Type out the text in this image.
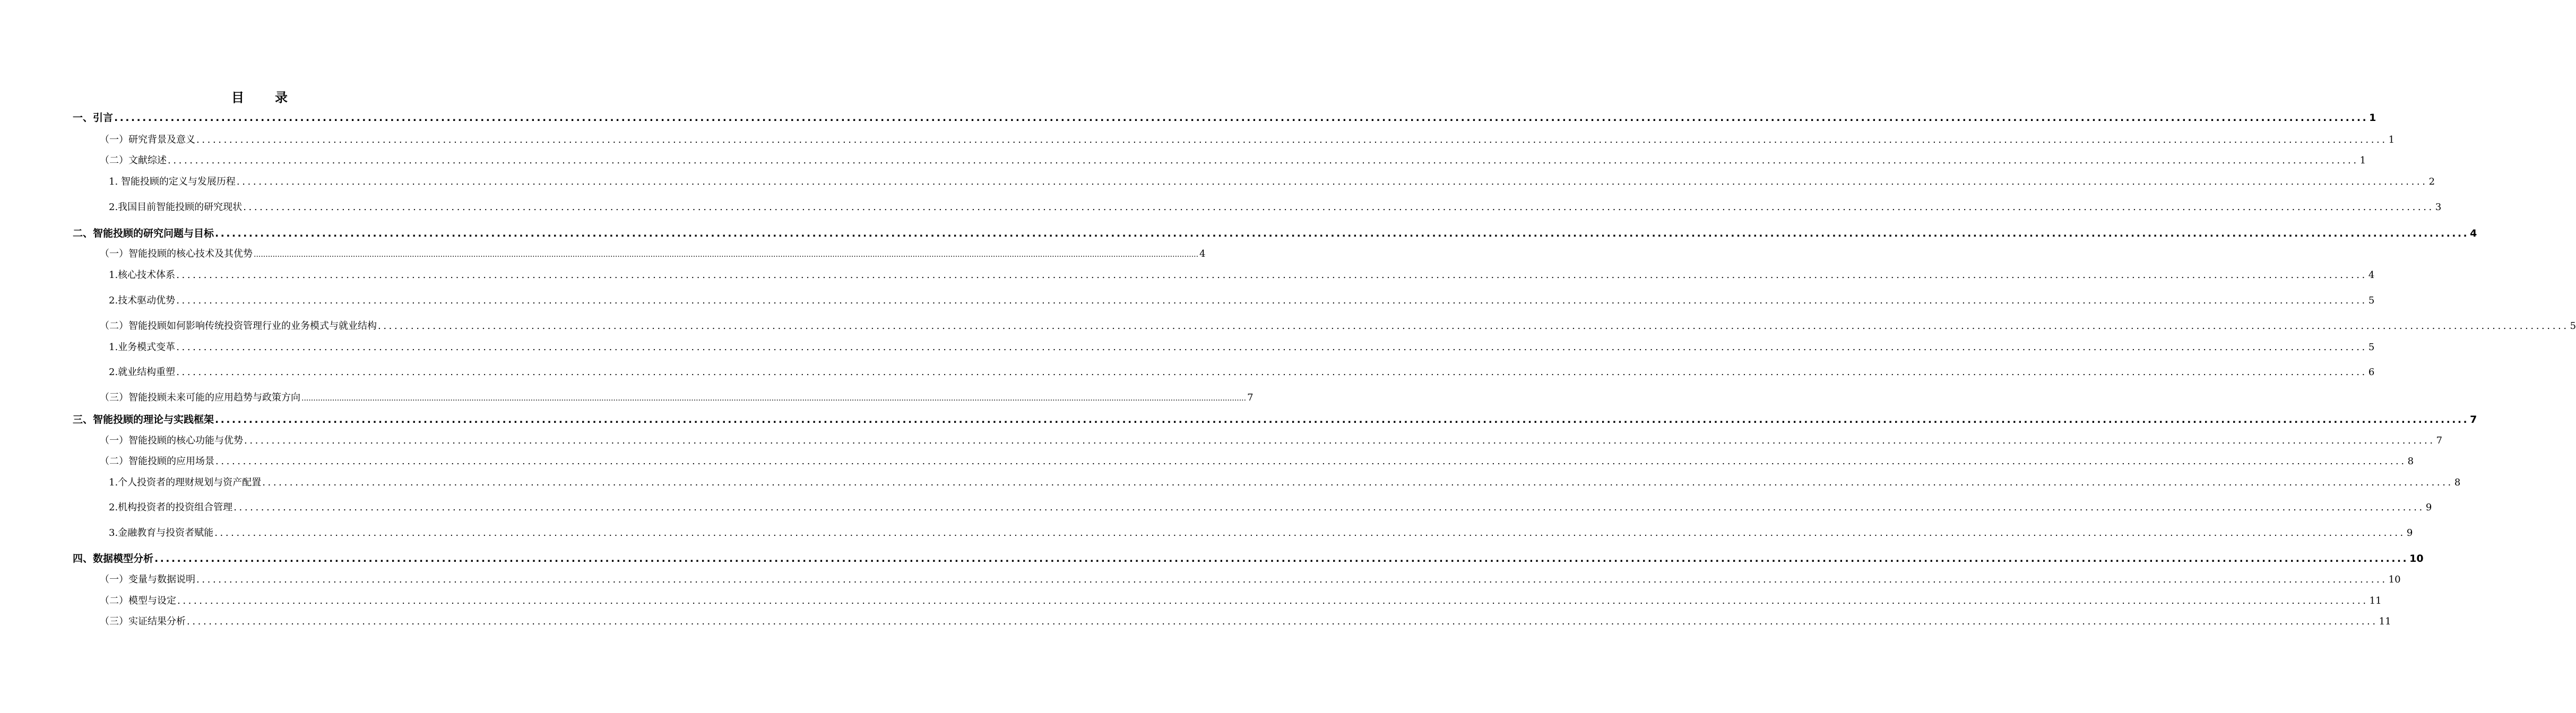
目 录
一、引言 ................................................................................................................................................................................................................................................................................................................................................................................................................ 1
（一）研究背景及意义 ................................................................................................................................................................................................................................................................................................................................................................................................................ 1
（二）文献综述 ................................................................................................................................................................................................................................................................................................................................................................................................................ 1
1. 智能投顾的定义与发展历程 ................................................................................................................................................................................................................................................................................................................................................................................................................ 2
2.我国目前智能投顾的研究现状 ................................................................................................................................................................................................................................................................................................................................................................................................................ 3
二、智能投顾的研究问题与目标 ................................................................................................................................................................................................................................................................................................................................................................................................................ 4
（一）智能投顾的核心技术及其优势 ................................................................................................................................................................................................................................................................................................................................................................................................................ 4
1.核心技术体系 ................................................................................................................................................................................................................................................................................................................................................................................................................ 4
2.技术驱动优势 ................................................................................................................................................................................................................................................................................................................................................................................................................ 5
（二）智能投顾如何影响传统投资管理行业的业务模式与就业结构 ................................................................................................................................................................................................................................................................................................................................................................................................................ 5
1.业务模式变革 ................................................................................................................................................................................................................................................................................................................................................................................................................ 5
2.就业结构重塑 ................................................................................................................................................................................................................................................................................................................................................................................................................ 6
（三）智能投顾未来可能的应用趋势与政策方向 ................................................................................................................................................................................................................................................................................................................................................................................................................ 7
三、智能投顾的理论与实践框架 ................................................................................................................................................................................................................................................................................................................................................................................................................ 7
（一）智能投顾的核心功能与优势 ................................................................................................................................................................................................................................................................................................................................................................................................................ 7
（二）智能投顾的应用场景 ................................................................................................................................................................................................................................................................................................................................................................................................................ 8
1.个人投资者的理财规划与资产配置 ................................................................................................................................................................................................................................................................................................................................................................................................................ 8
2.机构投资者的投资组合管理 ................................................................................................................................................................................................................................................................................................................................................................................................................ 9
3.金融教育与投资者赋能 ................................................................................................................................................................................................................................................................................................................................................................................................................ 9
四、数据模型分析 ................................................................................................................................................................................................................................................................................................................................................................................................................ 10
（一）变量与数据说明 ................................................................................................................................................................................................................................................................................................................................................................................................................ 10
（二）模型与设定 ................................................................................................................................................................................................................................................................................................................................................................................................................ 11
（三）实证结果分析 ................................................................................................................................................................................................................................................................................................................................................................................................................ 11
